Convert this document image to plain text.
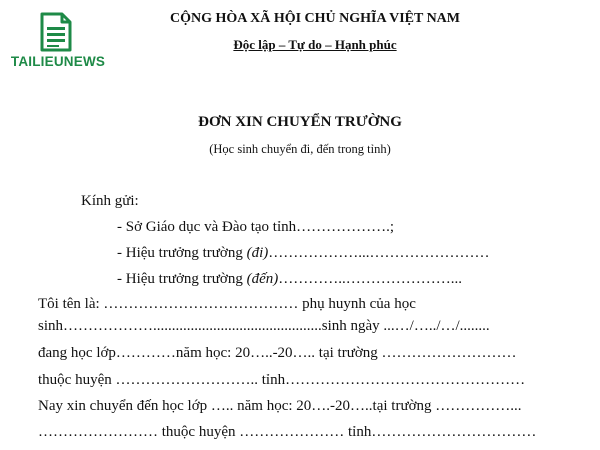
TAILIEUNEWS
CỘNG HÒA XÃ HỘI CHỦ NGHĨA VIỆT NAM
Độc lập – Tự do – Hạnh phúc
ĐƠN XIN CHUYỂN TRƯỜNG
(Học sinh chuyển đi, đến trong tỉnh)
Kính gửi:
- Sở Giáo dục và Đào tạo tỉnh……………….;
- Hiệu trưởng trường (đi)………………...……………………
- Hiệu trưởng trường (đến)…………..…………………...
Tôi tên là: ………………………………… phụ huynh của học
sinh……………….............................................sinh ngày ...…/…../…/........
đang học lớp…………năm học: 20…..-20….. tại trường ………………………
thuộc huyện ……………………….. tỉnh…………………………………………
Nay xin chuyển đến học lớp ….. năm học: 20….-20…..tại trường ……………...
…………………… thuộc huyện ………………… tỉnh……………………………
